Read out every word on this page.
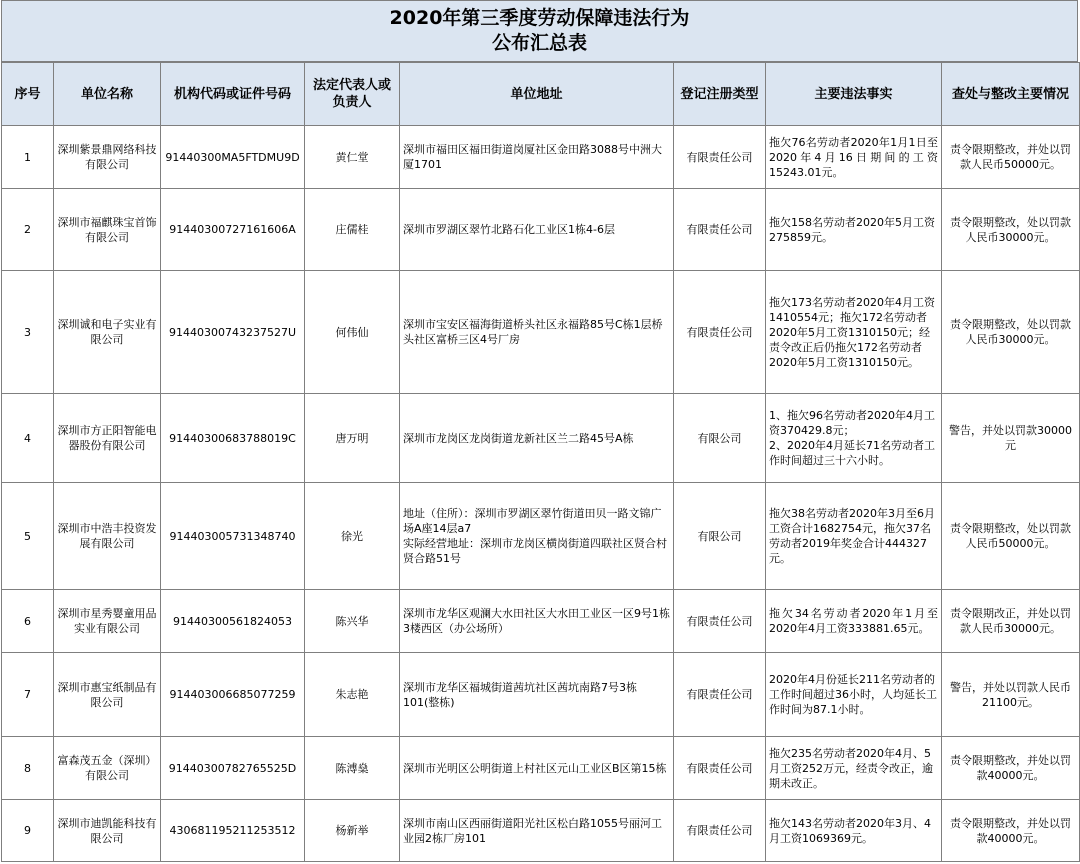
2020年第三季度劳动保障违法行为
公布汇总表
序号	单位名称	机构代码或证件号码	法定代表人或负责人	单位地址	登记注册类型	主要违法事实	查处与整改主要情况
1	深圳紫景鼎网络科技有限公司	91440300MA5FTDMU9D	黄仁堂	深圳市福田区福田街道岗厦社区金田路3088号中洲大厦1701	有限责任公司	拖欠76名劳动者2020年1月1日至2020年4月16日期间的工资15243.01元。	责令限期整改，并处以罚款人民币50000元。
2	深圳市福麒珠宝首饰有限公司	91440300727161606A	庄儒桂	深圳市罗湖区翠竹北路石化工业区1栋4-6层	有限责任公司	拖欠158名劳动者2020年5月工资275859元。	责令限期整改，处以罚款人民币30000元。
3	深圳诚和电子实业有限公司	91440300743237527U	何伟仙	深圳市宝安区福海街道桥头社区永福路85号C栋1层桥头社区富桥三区4号厂房	有限责任公司	拖欠173名劳动者2020年4月工资1410554元；拖欠172名劳动者2020年5月工资1310150元；经责令改正后仍拖欠172名劳动者2020年5月工资1310150元。	责令限期整改，处以罚款人民币30000元。
4	深圳市方正阳智能电器股份有限公司	91440300683788019C	唐万明	深圳市龙岗区龙岗街道龙新社区兰二路45号A栋	有限公司	1、拖欠96名劳动者2020年4月工资370429.8元；
2、2020年4月延长71名劳动者工作时间超过三十六小时。	警告，并处以罚款30000元
5	深圳市中浩丰投资发展有限公司	914403005731348740	徐光	地址（住所）：深圳市罗湖区翠竹街道田贝一路文锦广场A座14层a7
实际经营地址：深圳市龙岗区横岗街道四联社区贤合村贤合路51号	有限公司	拖欠38名劳动者2020年3月至6月工资合计1682754元，拖欠37名劳动者2019年奖金合计444327元。	责令限期整改，处以罚款人民币50000元。
6	深圳市星秀婴童用品实业有限公司	91440300561824053	陈兴华	深圳市龙华区观澜大水田社区大水田工业区一区9号1栋3楼西区（办公场所）	有限责任公司	拖欠34名劳动者2020年1月至2020年4月工资333881.65元。	责令限期改正，并处以罚款人民币30000元。
7	深圳市惠宝纸制品有限公司	914403006685077259	朱志艳	深圳市龙华区福城街道茜坑社区茜坑南路7号3栋101(整栋)	有限责任公司	2020年4月份延长211名劳动者的工作时间超过36小时，人均延长工作时间为87.1小时。	警告，并处以罚款人民币21100元。
8	富森茂五金（深圳）有限公司	91440300782765525D	陈溥燊	深圳市光明区公明街道上村社区元山工业区B区第15栋	有限责任公司	拖欠235名劳动者2020年4月、5月工资252万元，经责令改正，逾期未改正。	责令限期整改，并处以罚款40000元。
9	深圳市迪凯能科技有限公司	430681195211253512	杨新举	深圳市南山区西丽街道阳光社区松白路1055号丽河工业园2栋厂房101	有限责任公司	拖欠143名劳动者2020年3月、4月工资1069369元。	责令限期整改，并处以罚款40000元。
